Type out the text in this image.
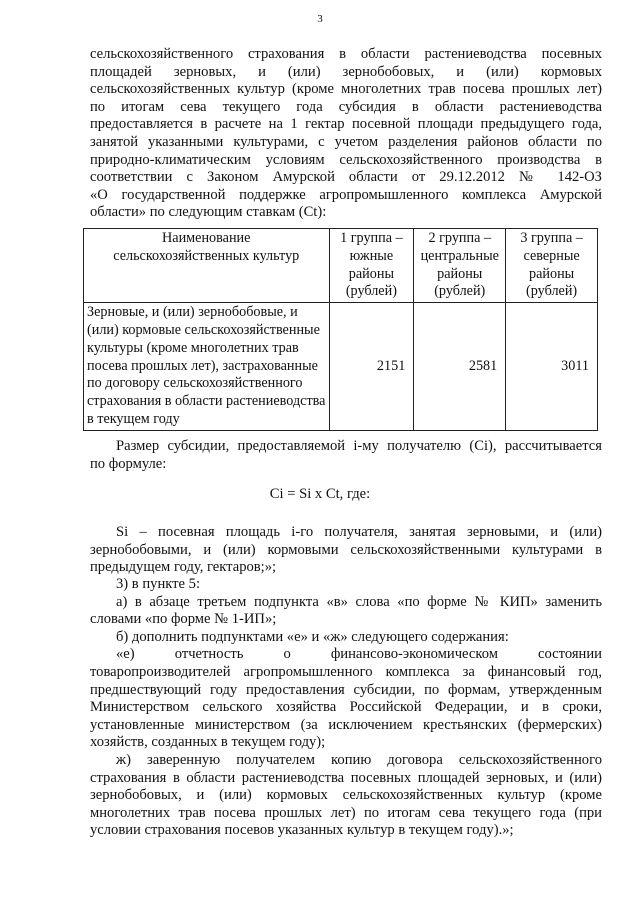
3

сельскохозяйственного страхования в области растениеводства посевных

площадей зерновых, и (или) зернобобовых, и (или) кормовых

сельскохозяйственных культур (кроме многолетних трав посева прошлых лет)

по итогам сева текущего года субсидия в области растениеводства

предоставляется в расчете на 1 гектар посевной площади предыдущего года,

занятой указанными культурами, с учетом разделения районов области по

природно-климатическим условиям сельскохозяйственного производства в

соответствии с Законом Амурской области от 29.12.2012 № 142-ОЗ

«О государственной поддержке агропромышленного комплекса Амурской

области» по следующим ставкам (Ct):

Наименование сельскохозяйственных культур	1 группа – южные районы (рублей)	2 группа – центральные районы (рублей)	3 группа – северные районы (рублей)
Зерновые, и (или) зернобобовые, и (или) кормовые сельскохозяйственные культуры (кроме многолетних трав посева прошлых лет), застрахованные по договору сельскохозяйственного страхования в области растениеводства в текущем году	2151	2581	3011

Размер субсидии, предоставляемой i-му получателю (Ci), рассчитывается

по формуле:

Ci = Si x Ct, где:

Si – посевная площадь i-го получателя, занятая зерновыми, и (или)

зернобобовыми, и (или) кормовыми сельскохозяйственными культурами в

предыдущем году, гектаров;»;

3) в пункте 5:

а) в абзаце третьем подпункта «в» слова «по форме № КИП» заменить

словами «по форме № 1-ИП»;

б) дополнить подпунктами «е» и «ж» следующего содержания:

«е) отчетность о финансово-экономическом состоянии

товаропроизводителей агропромышленного комплекса за финансовый год,

предшествующий году предоставления субсидии, по формам, утвержденным

Министерством сельского хозяйства Российской Федерации, и в сроки,

установленные министерством (за исключением крестьянских (фермерских)

хозяйств, созданных в текущем году);

ж) заверенную получателем копию договора сельскохозяйственного

страхования в области растениеводства посевных площадей зерновых, и (или)

зернобобовых, и (или) кормовых сельскохозяйственных культур (кроме

многолетних трав посева прошлых лет) по итогам сева текущего года (при

условии страхования посевов указанных культур в текущем году).»;
